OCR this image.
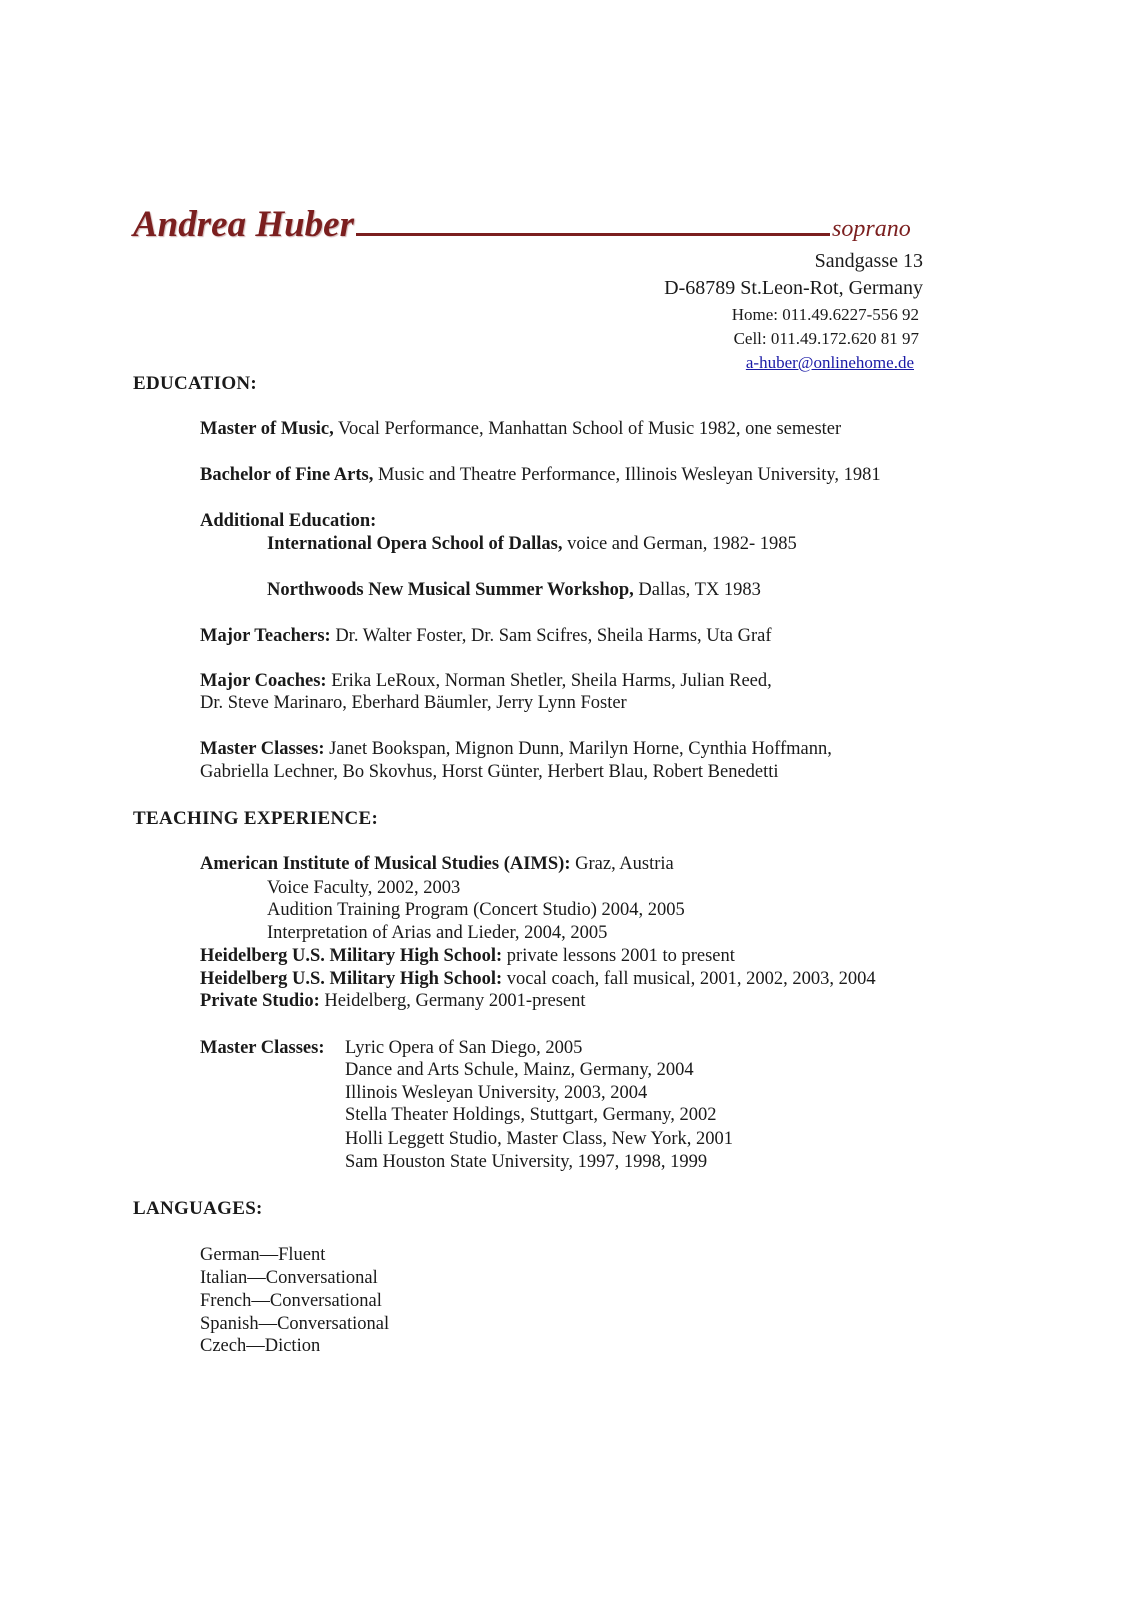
Andrea Huber	soprano
Sandgasse 13
D-68789 St.Leon-Rot, Germany
Home: 011.49.6227-556 92
Cell: 011.49.172.620 81 97
a-huber@onlinehome.de
EDUCATION:
Master of Music, Vocal Performance, Manhattan School of Music 1982, one semester
Bachelor of Fine Arts, Music and Theatre Performance, Illinois Wesleyan University, 1981
Additional Education:
International Opera School of Dallas, voice and German, 1982- 1985
Northwoods New Musical Summer Workshop, Dallas, TX 1983
Major Teachers: Dr. Walter Foster, Dr. Sam Scifres, Sheila Harms, Uta Graf
Major Coaches: Erika LeRoux, Norman Shetler, Sheila Harms, Julian Reed,
Dr. Steve Marinaro, Eberhard Bäumler, Jerry Lynn Foster
Master Classes: Janet Bookspan, Mignon Dunn, Marilyn Horne, Cynthia Hoffmann,
Gabriella Lechner, Bo Skovhus, Horst Günter, Herbert Blau, Robert Benedetti
TEACHING EXPERIENCE:
American Institute of Musical Studies (AIMS): Graz, Austria
Voice Faculty, 2002, 2003
Audition Training Program (Concert Studio) 2004, 2005
Interpretation of Arias and Lieder, 2004, 2005
Heidelberg U.S. Military High School: private lessons 2001 to present
Heidelberg U.S. Military High School: vocal coach, fall musical, 2001, 2002, 2003, 2004
Private Studio: Heidelberg, Germany 2001-present
Master Classes: Lyric Opera of San Diego, 2005
Dance and Arts Schule, Mainz, Germany, 2004
Illinois Wesleyan University, 2003, 2004
Stella Theater Holdings, Stuttgart, Germany, 2002
Holli Leggett Studio, Master Class, New York, 2001
Sam Houston State University, 1997, 1998, 1999
LANGUAGES:
German—Fluent
Italian—Conversational
French—Conversational
Spanish—Conversational
Czech—Diction
